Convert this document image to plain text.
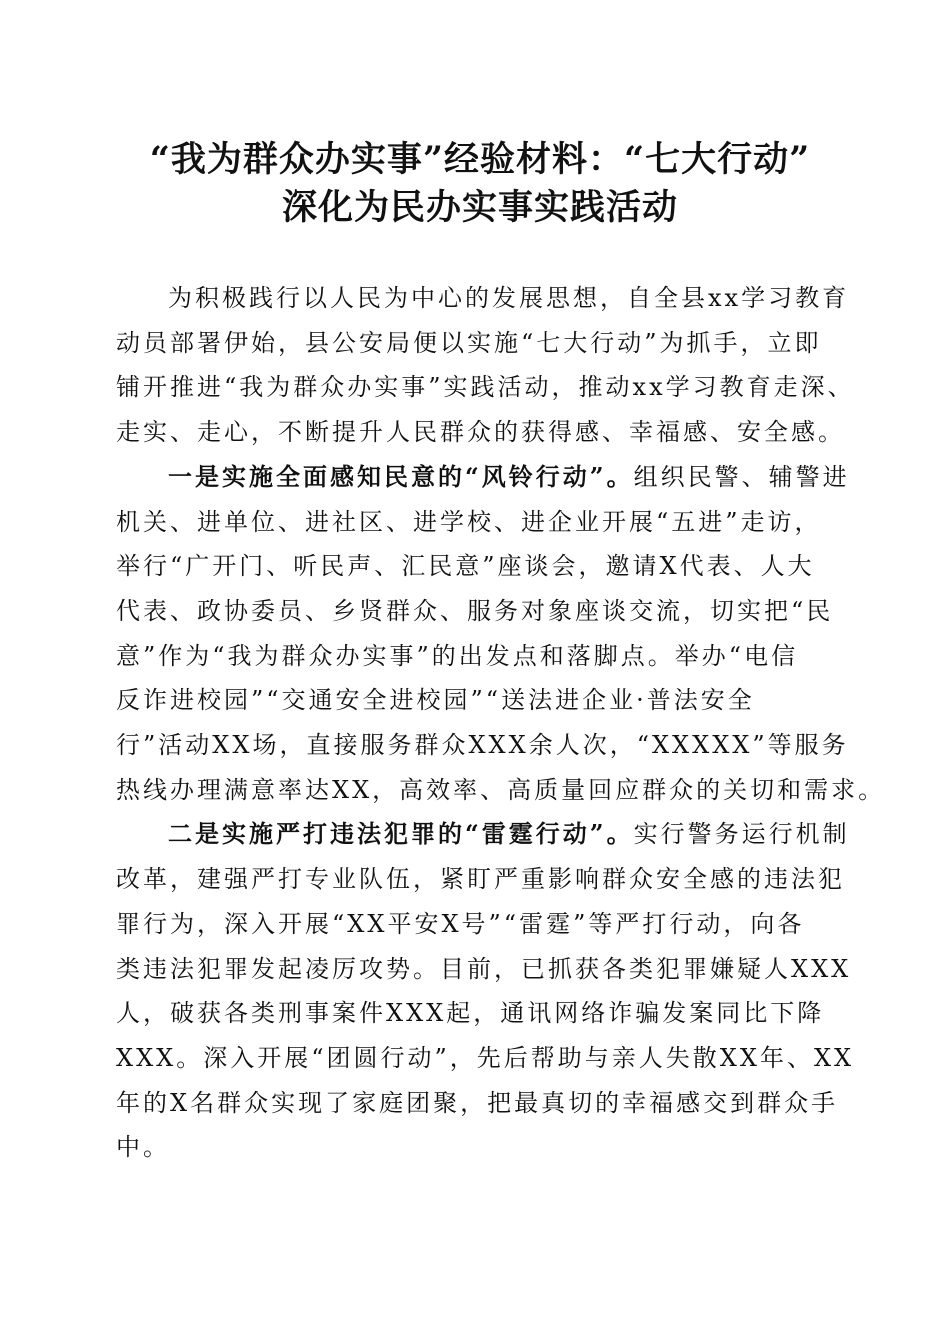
“我为群众办实事”经验材料：“七大行动”
深化为民办实事实践活动

为积极践行以人民为中心的发展思想，自全县xx学习教育
动员部署伊始，县公安局便以实施“七大行动”为抓手，立即
铺开推进“我为群众办实事”实践活动，推动xx学习教育走深、
走实、走心，不断提升人民群众的获得感、幸福感、安全感。

一是实施全面感知民意的“风铃行动”。组织民警、辅警进
机关、进单位、进社区、进学校、进企业开展“五进”走访，
举行“广开门、听民声、汇民意”座谈会，邀请X代表、人大
代表、政协委员、乡贤群众、服务对象座谈交流，切实把“民
意”作为“我为群众办实事”的出发点和落脚点。举办“电信
反诈进校园”“交通安全进校园”“送法进企业·普法安全
行”活动XX场，直接服务群众XXX余人次，“XXXXX”等服务
热线办理满意率达XX，高效率、高质量回应群众的关切和需求。

二是实施严打违法犯罪的“雷霆行动”。实行警务运行机制
改革，建强严打专业队伍，紧盯严重影响群众安全感的违法犯
罪行为，深入开展“XX平安X号”“雷霆”等严打行动，向各
类违法犯罪发起凌厉攻势。目前，已抓获各类犯罪嫌疑人XXX
人，破获各类刑事案件XXX起，通讯网络诈骗发案同比下降
XXX。深入开展“团圆行动”，先后帮助与亲人失散XX年、XX
年的X名群众实现了家庭团聚，把最真切的幸福感交到群众手
中。
